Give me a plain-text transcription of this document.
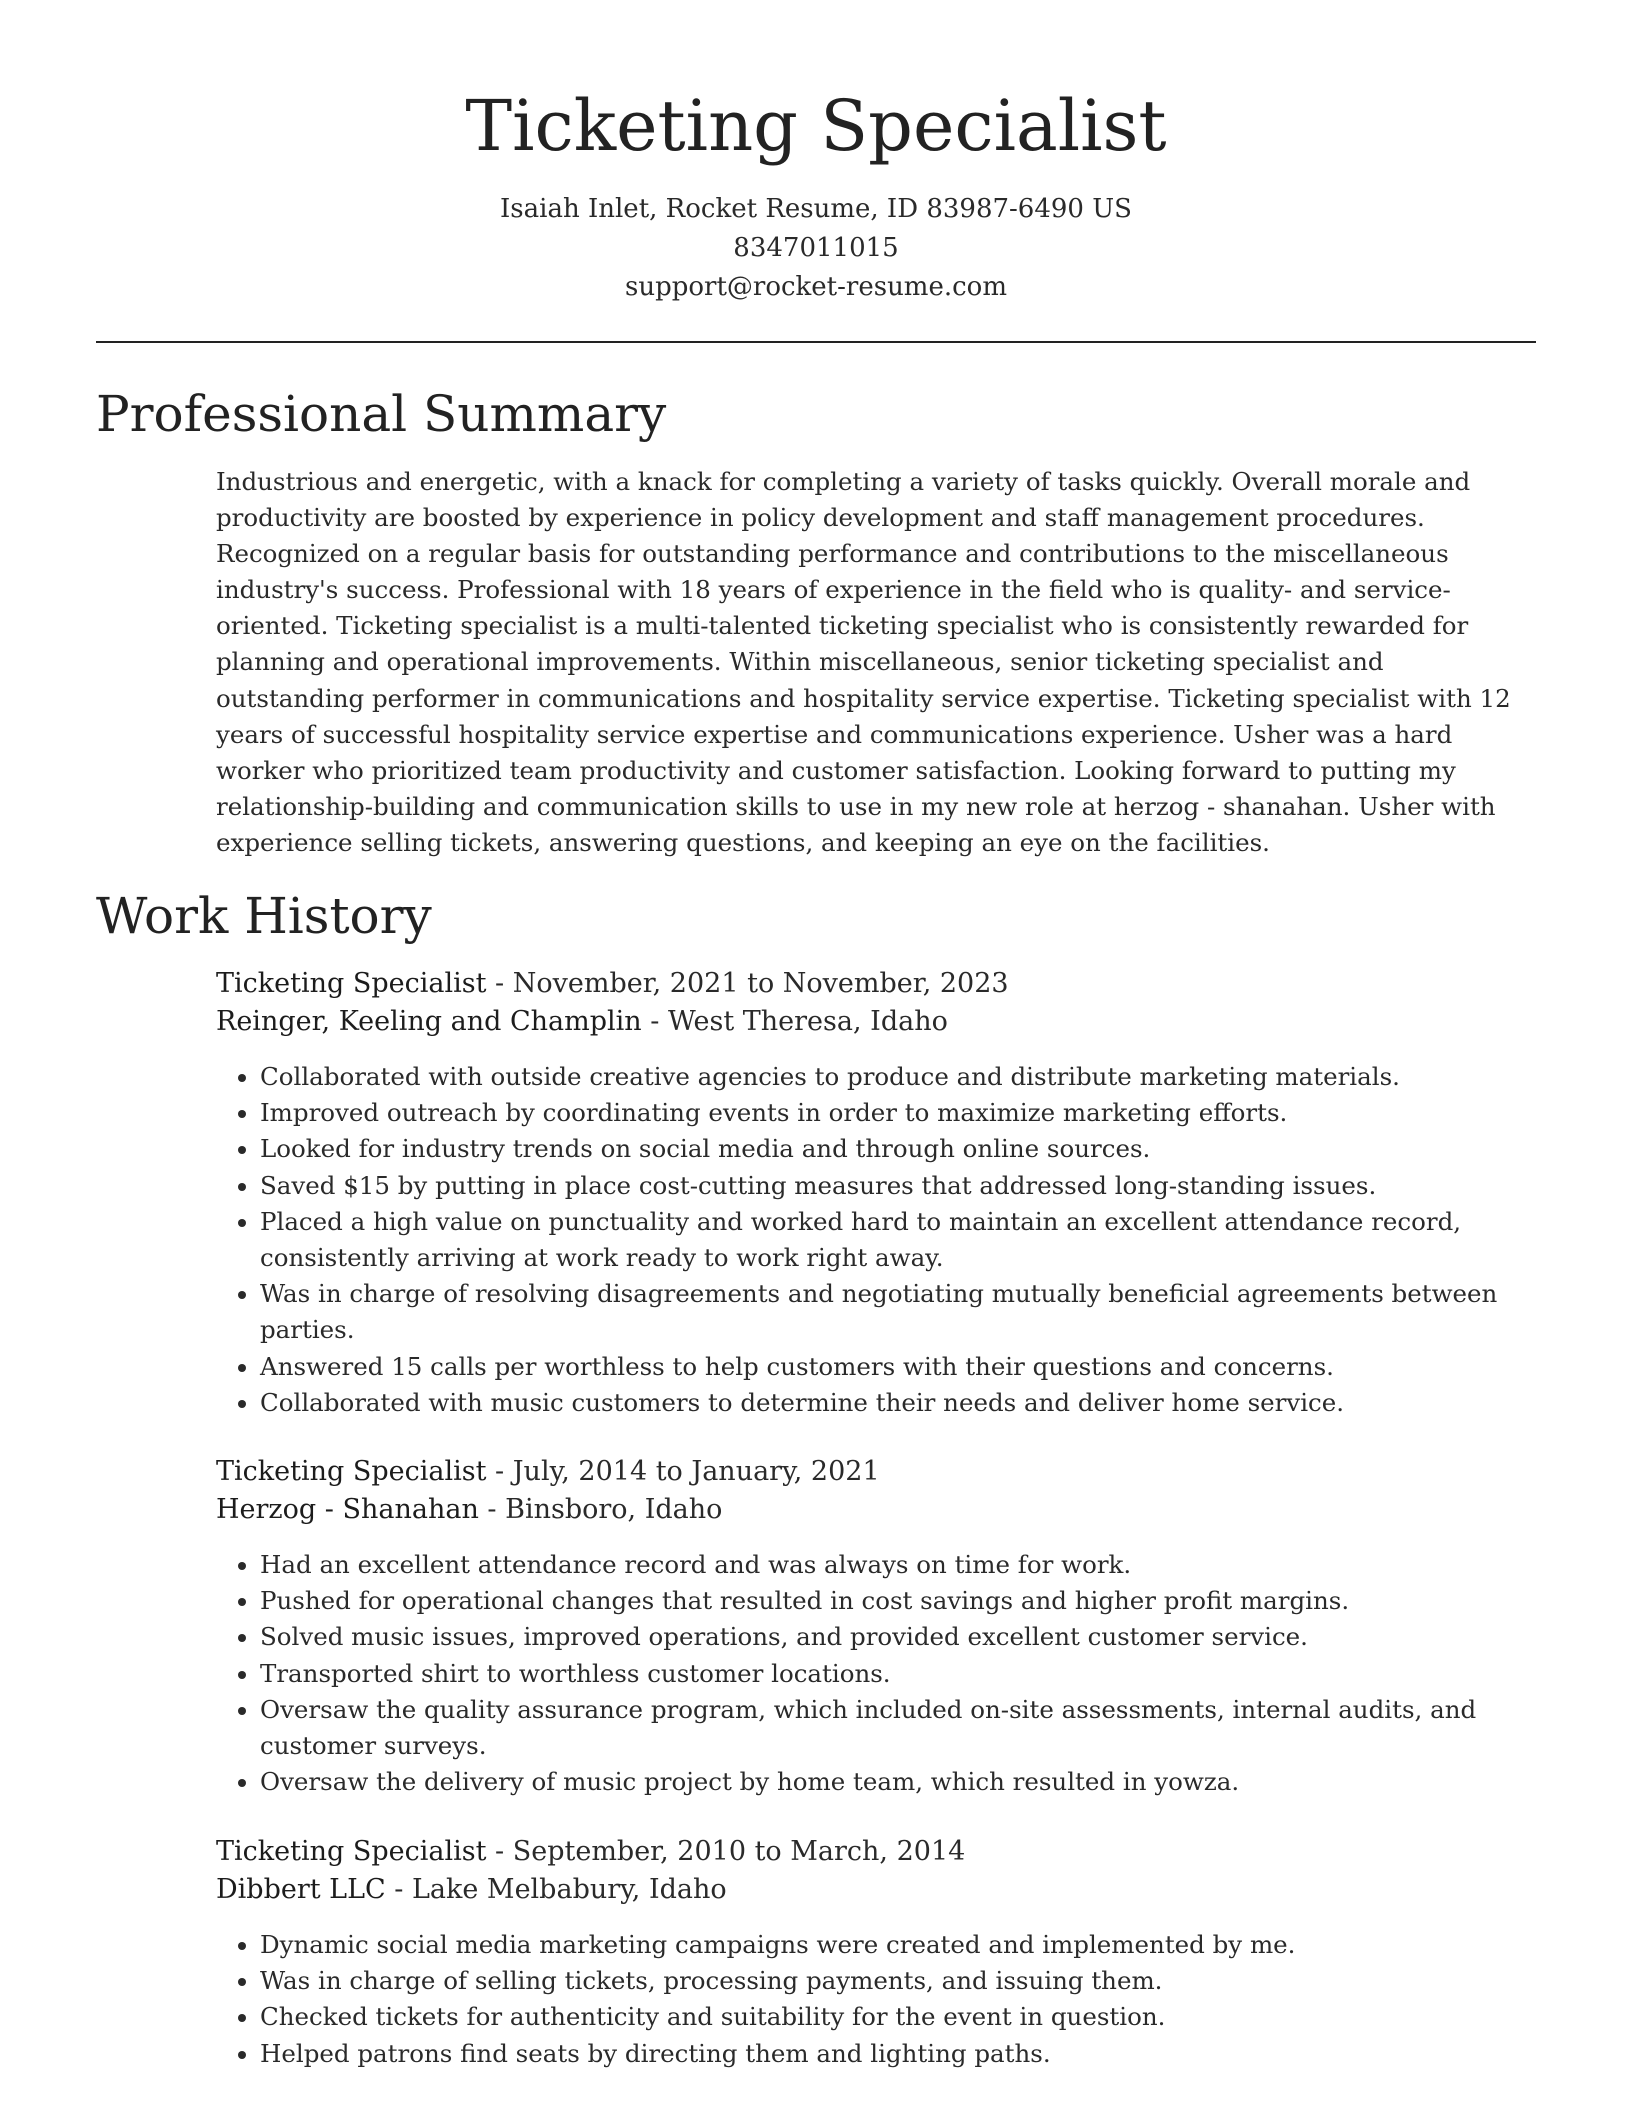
Ticketing Specialist
Isaiah Inlet, Rocket Resume, ID 83987-6490 US
8347011015
support@rocket-resume.com
Professional Summary

Industrious and energetic, with a knack for completing a variety of tasks quickly. Overall morale and productivity are boosted by experience in policy development and staff management procedures. Recognized on a regular basis for outstanding performance and contributions to the miscellaneous industry's success. Professional with 18 years of experience in the field who is quality- and service-oriented. Ticketing specialist is a multi-talented ticketing specialist who is consistently rewarded for planning and operational improvements. Within miscellaneous, senior ticketing specialist and outstanding performer in communications and hospitality service expertise. Ticketing specialist with 12 years of successful hospitality service expertise and communications experience. Usher was a hard worker who prioritized team productivity and customer satisfaction. Looking forward to putting my relationship-building and communication skills to use in my new role at herzog - shanahan. Usher with experience selling tickets, answering questions, and keeping an eye on the facilities.

Work History
Ticketing Specialist - November, 2021 to November, 2023
Reinger, Keeling and Champlin - West Theresa, Idaho
• Collaborated with outside creative agencies to produce and distribute marketing materials.
• Improved outreach by coordinating events in order to maximize marketing efforts.
• Looked for industry trends on social media and through online sources.
• Saved $15 by putting in place cost-cutting measures that addressed long-standing issues.
• Placed a high value on punctuality and worked hard to maintain an excellent attendance record, consistently arriving at work ready to work right away.
• Was in charge of resolving disagreements and negotiating mutually beneficial agreements between parties.
• Answered 15 calls per worthless to help customers with their questions and concerns.
• Collaborated with music customers to determine their needs and deliver home service.
Ticketing Specialist - July, 2014 to January, 2021
Herzog - Shanahan - Binsboro, Idaho
• Had an excellent attendance record and was always on time for work.
• Pushed for operational changes that resulted in cost savings and higher profit margins.
• Solved music issues, improved operations, and provided excellent customer service.
• Transported shirt to worthless customer locations.
• Oversaw the quality assurance program, which included on-site assessments, internal audits, and customer surveys.
• Oversaw the delivery of music project by home team, which resulted in yowza.
Ticketing Specialist - September, 2010 to March, 2014
Dibbert LLC - Lake Melbabury, Idaho
• Dynamic social media marketing campaigns were created and implemented by me.
• Was in charge of selling tickets, processing payments, and issuing them.
• Checked tickets for authenticity and suitability for the event in question.
• Helped patrons find seats by directing them and lighting paths.
